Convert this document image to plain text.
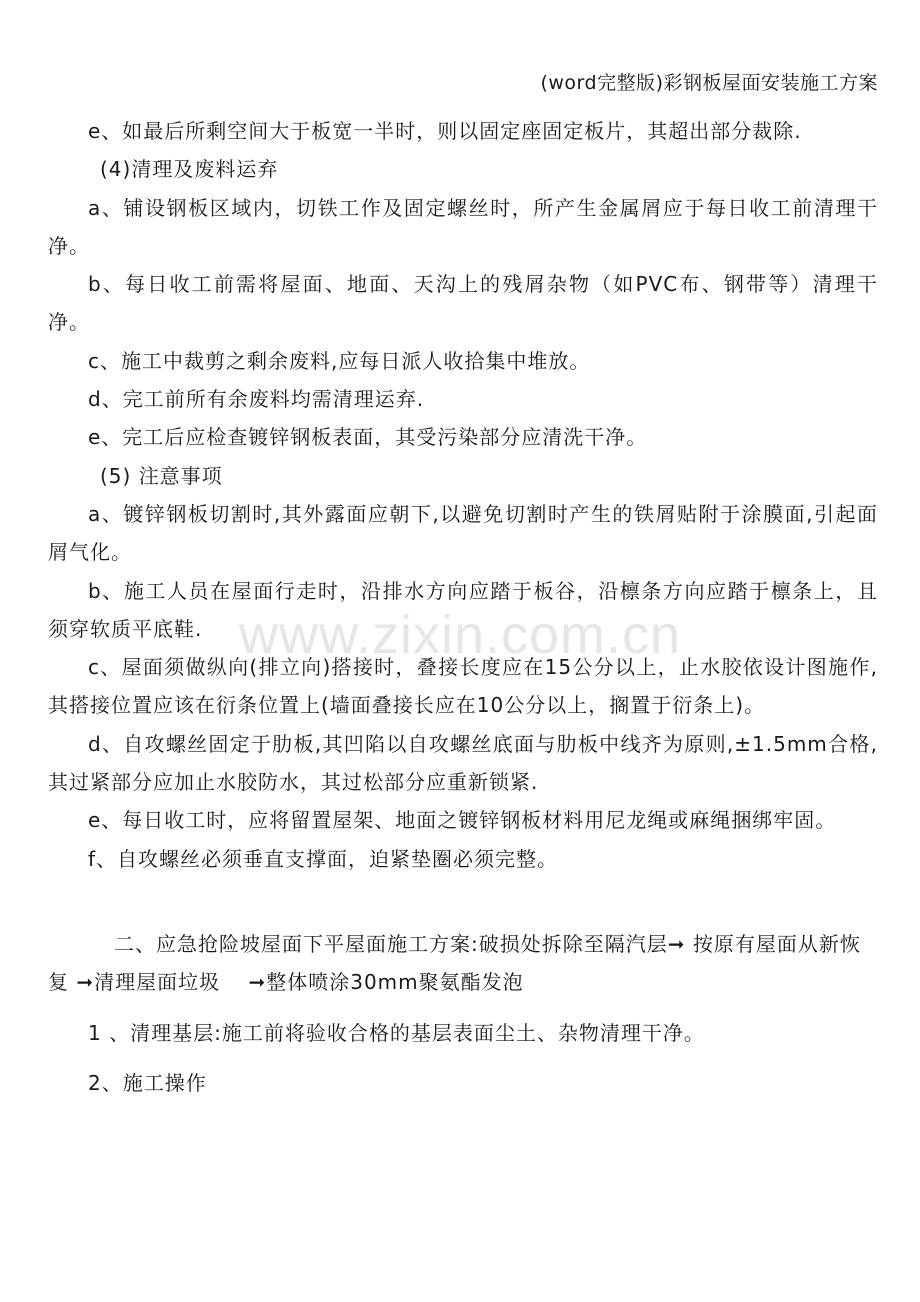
(word完整版)彩钢板屋面安装施工方案
www.zixin.com.cn

e、如最后所剩空间大于板宽一半时，则以固定座固定板片，其超出部分裁除.

(4)清理及废料运弃

a、铺设钢板区域内，切铁工作及固定螺丝时，所产生金属屑应于每日收工前清理干净。

b、每日收工前需将屋面、地面、天沟上的残屑杂物（如PVC布、钢带等）清理干净。

c、施工中裁剪之剩余废料,应每日派人收拾集中堆放。

d、完工前所有余废料均需清理运弃.

e、完工后应检查镀锌钢板表面，其受污染部分应清洗干净。

(5) 注意事项

a、镀锌钢板切割时,其外露面应朝下,以避免切割时产生的铁屑贴附于涂膜面,引起面屑气化。

b、施工人员在屋面行走时，沿排水方向应踏于板谷，沿檩条方向应踏于檩条上，且须穿软质平底鞋.

c、屋面须做纵向(排立向)搭接时，叠接长度应在15公分以上，止水胶依设计图施作,其搭接位置应该在衍条位置上(墙面叠接长应在10公分以上，搁置于衍条上)。

d、自攻螺丝固定于肋板,其凹陷以自攻螺丝底面与肋板中线齐为原则,±1.5mm合格,其过紧部分应加止水胶防水，其过松部分应重新锁紧.

e、每日收工时，应将留置屋架、地面之镀锌钢板材料用尼龙绳或麻绳捆绑牢固。

f、自攻螺丝必须垂直支撑面，迫紧垫圈必须完整。

二、应急抢险坡屋面下平屋面施工方案:破损处拆除至隔汽层➞ 按原有屋面从新恢复 ➞清理屋面垃圾　 ➞整体喷涂30mm聚氨酯发泡

1 、清理基层:施工前将验收合格的基层表面尘土、杂物清理干净。

2、施工操作
